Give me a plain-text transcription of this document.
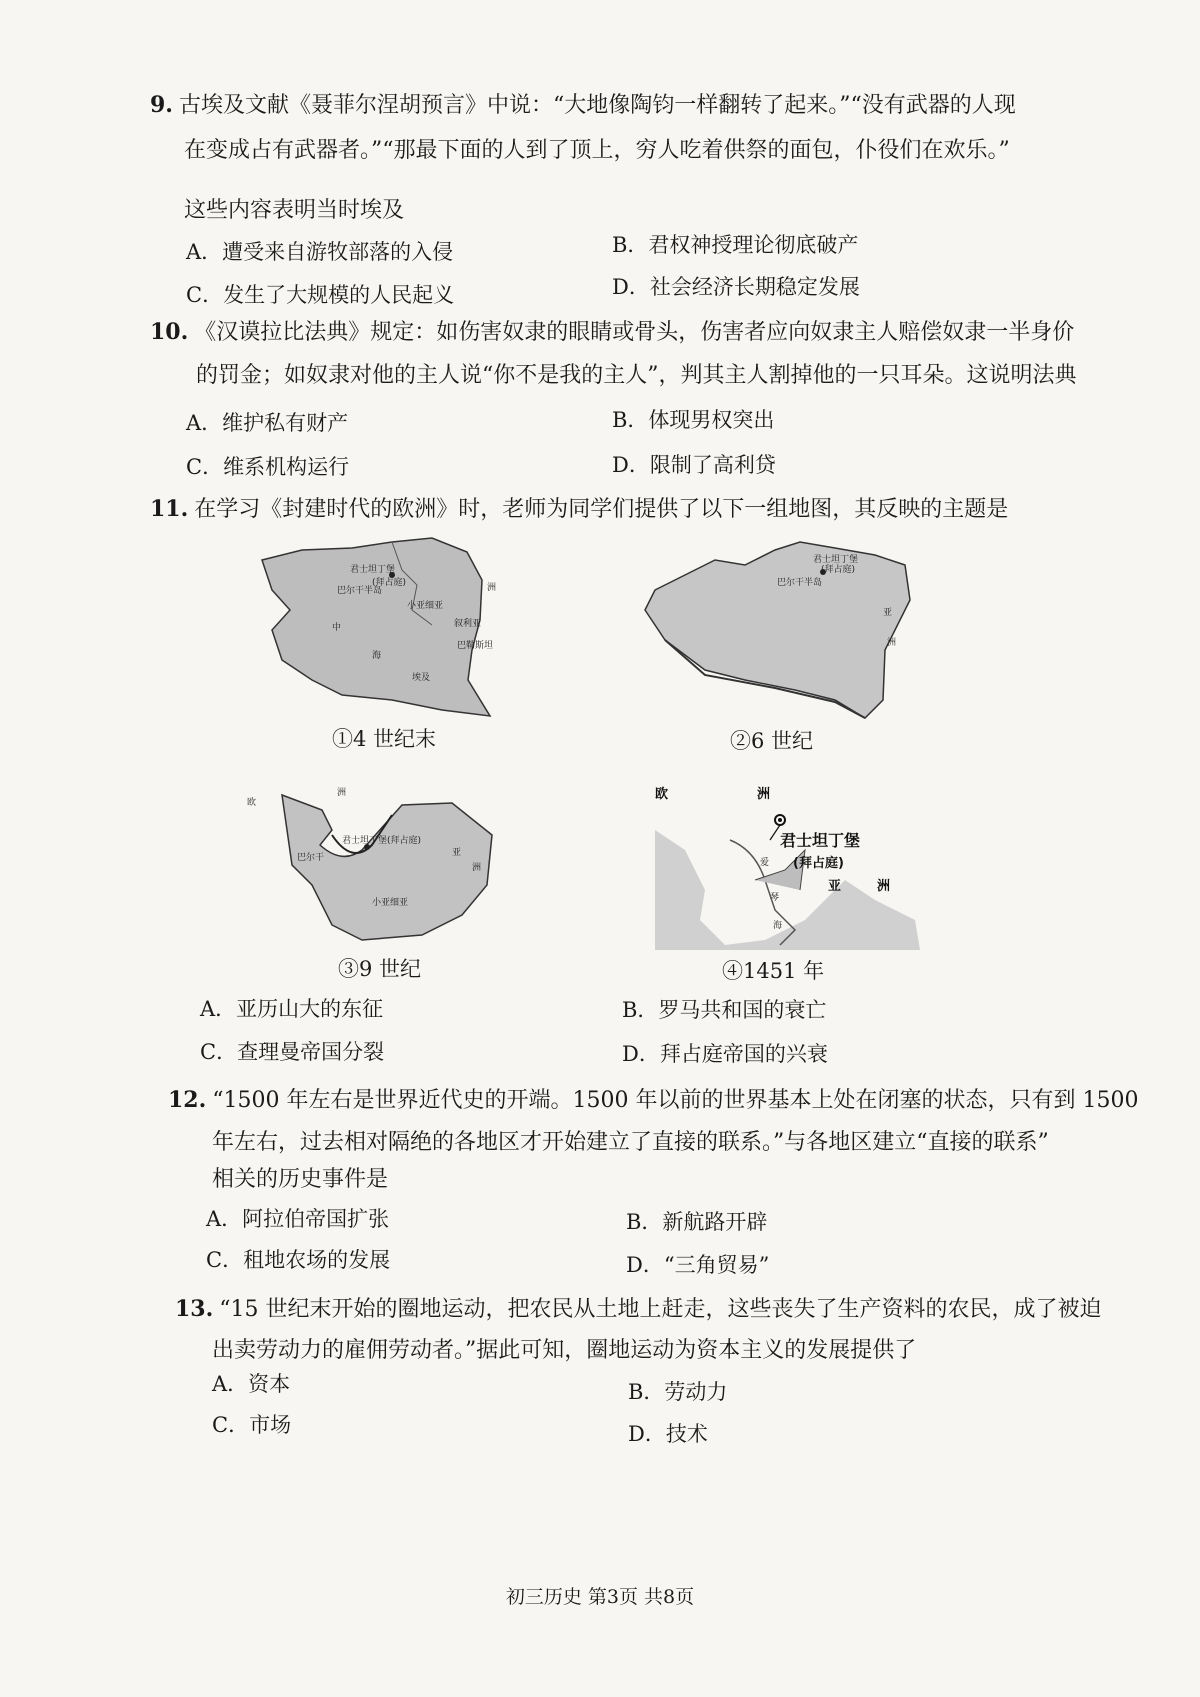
9. 古埃及文献《聂菲尔涅胡预言》中说：“大地像陶钧一样翻转了起来。”“没有武器的人现
在变成占有武器者。”“那最下面的人到了顶上，穷人吃着供祭的面包，仆役们在欢乐。”
这些内容表明当时埃及
A．遭受来自游牧部落的入侵	B．君权神授理论彻底破产
C．发生了大规模的人民起义	D．社会经济长期稳定发展
10. 《汉谟拉比法典》规定：如伤害奴隶的眼睛或骨头，伤害者应向奴隶主人赔偿奴隶一半身价
的罚金；如奴隶对他的主人说“你不是我的主人”，判其主人割掉他的一只耳朵。这说明法典
A．维护私有财产	B．体现男权突出
C．维系机构运行	D．限制了高利贷
11. 在学习《封建时代的欧洲》时，老师为同学们提供了以下一组地图，其反映的主题是
君士坦丁堡
(拜占庭)
巴尔干半岛
小亚细亚
叙利亚
巴勒斯坦
中
海
埃及
洲
①4 世纪末
君士坦丁堡
(拜占庭)
巴尔干半岛
亚
洲
②6 世纪
欧
洲
君士坦丁堡(拜占庭)
巴尔干
小亚细亚
亚
洲
③9 世纪
欧	洲
君士坦丁堡
(拜占庭)
亚	洲
爱
琴
海
④1451 年
A．亚历山大的东征	B．罗马共和国的衰亡
C．查理曼帝国分裂	D．拜占庭帝国的兴衰
12. “1500 年左右是世界近代史的开端。1500 年以前的世界基本上处在闭塞的状态，只有到 1500
年左右，过去相对隔绝的各地区才开始建立了直接的联系。”与各地区建立“直接的联系”
相关的历史事件是
A．阿拉伯帝国扩张	B．新航路开辟
C．租地农场的发展	D．“三角贸易”
13. “15 世纪末开始的圈地运动，把农民从土地上赶走，这些丧失了生产资料的农民，成了被迫
出卖劳动力的雇佣劳动者。”据此可知，圈地运动为资本主义的发展提供了
A．资本	B．劳动力
C．市场	D．技术
初三历史 第3页 共8页
